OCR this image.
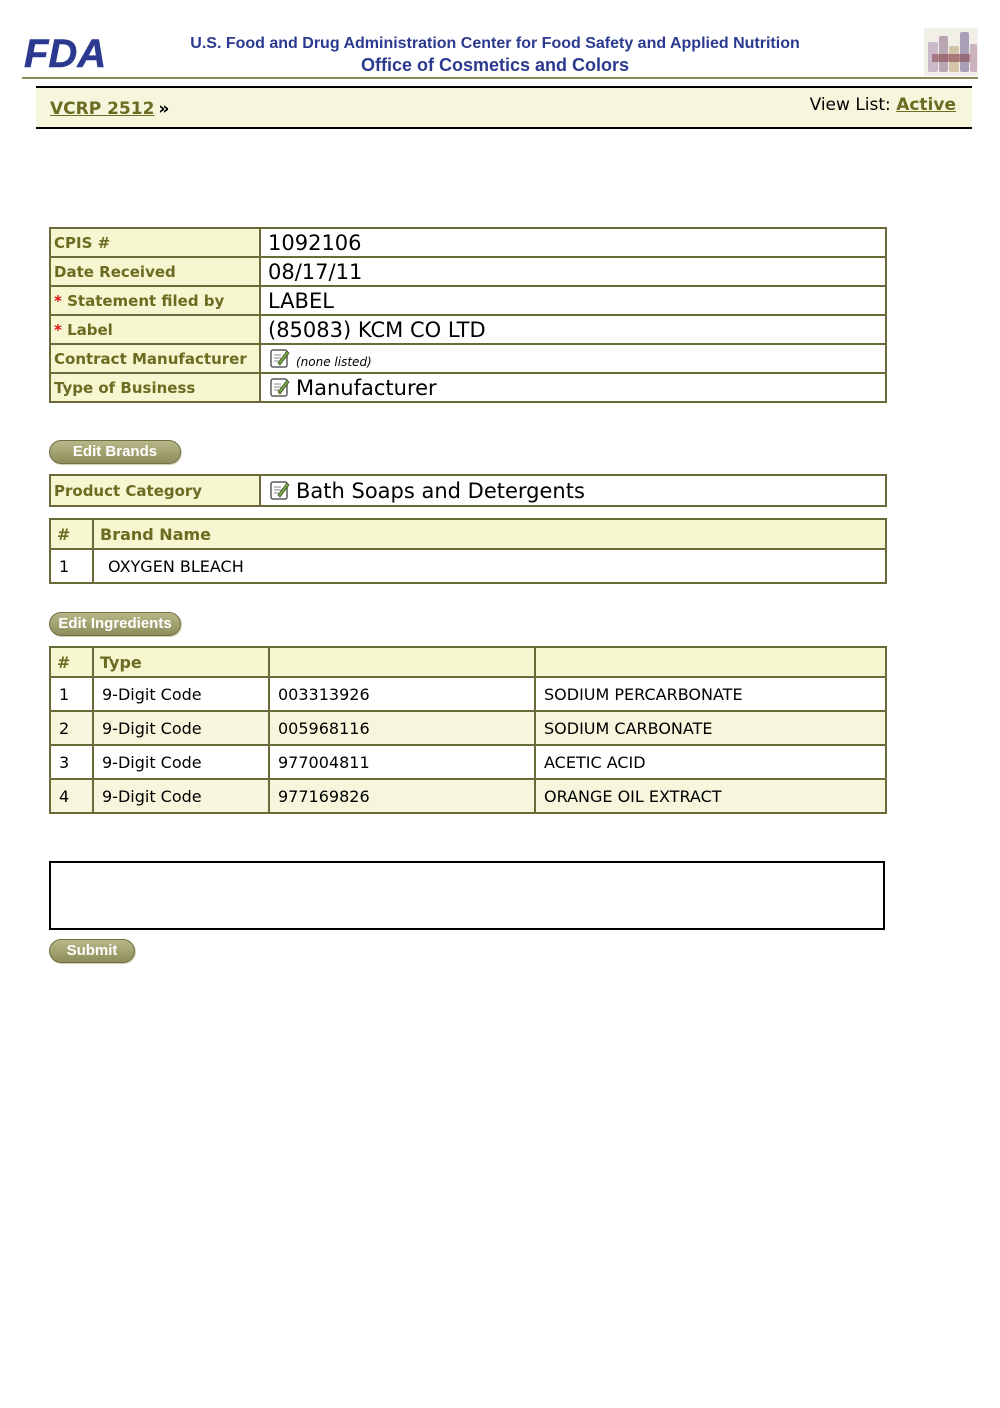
FDA	U.S. Food and Drug Administration Center for Food Safety and Applied Nutrition
Office of Cosmetics and Colors
VCRP 2512 »	View List: Active
CPIS #	1092106
Date Received	08/17/11
* Statement filed by	LABEL
* Label	(85083) KCM CO LTD
Contract Manufacturer	(none listed)
Type of Business	Manufacturer
Edit Brands
Product Category	Bath Soaps and Detergents
#	Brand Name
1	OXYGEN BLEACH
Edit Ingredients
#	Type		
1	9-Digit Code	003313926	SODIUM PERCARBONATE
2	9-Digit Code	005968116	SODIUM CARBONATE
3	9-Digit Code	977004811	ACETIC ACID
4	9-Digit Code	977169826	ORANGE OIL EXTRACT
Submit
